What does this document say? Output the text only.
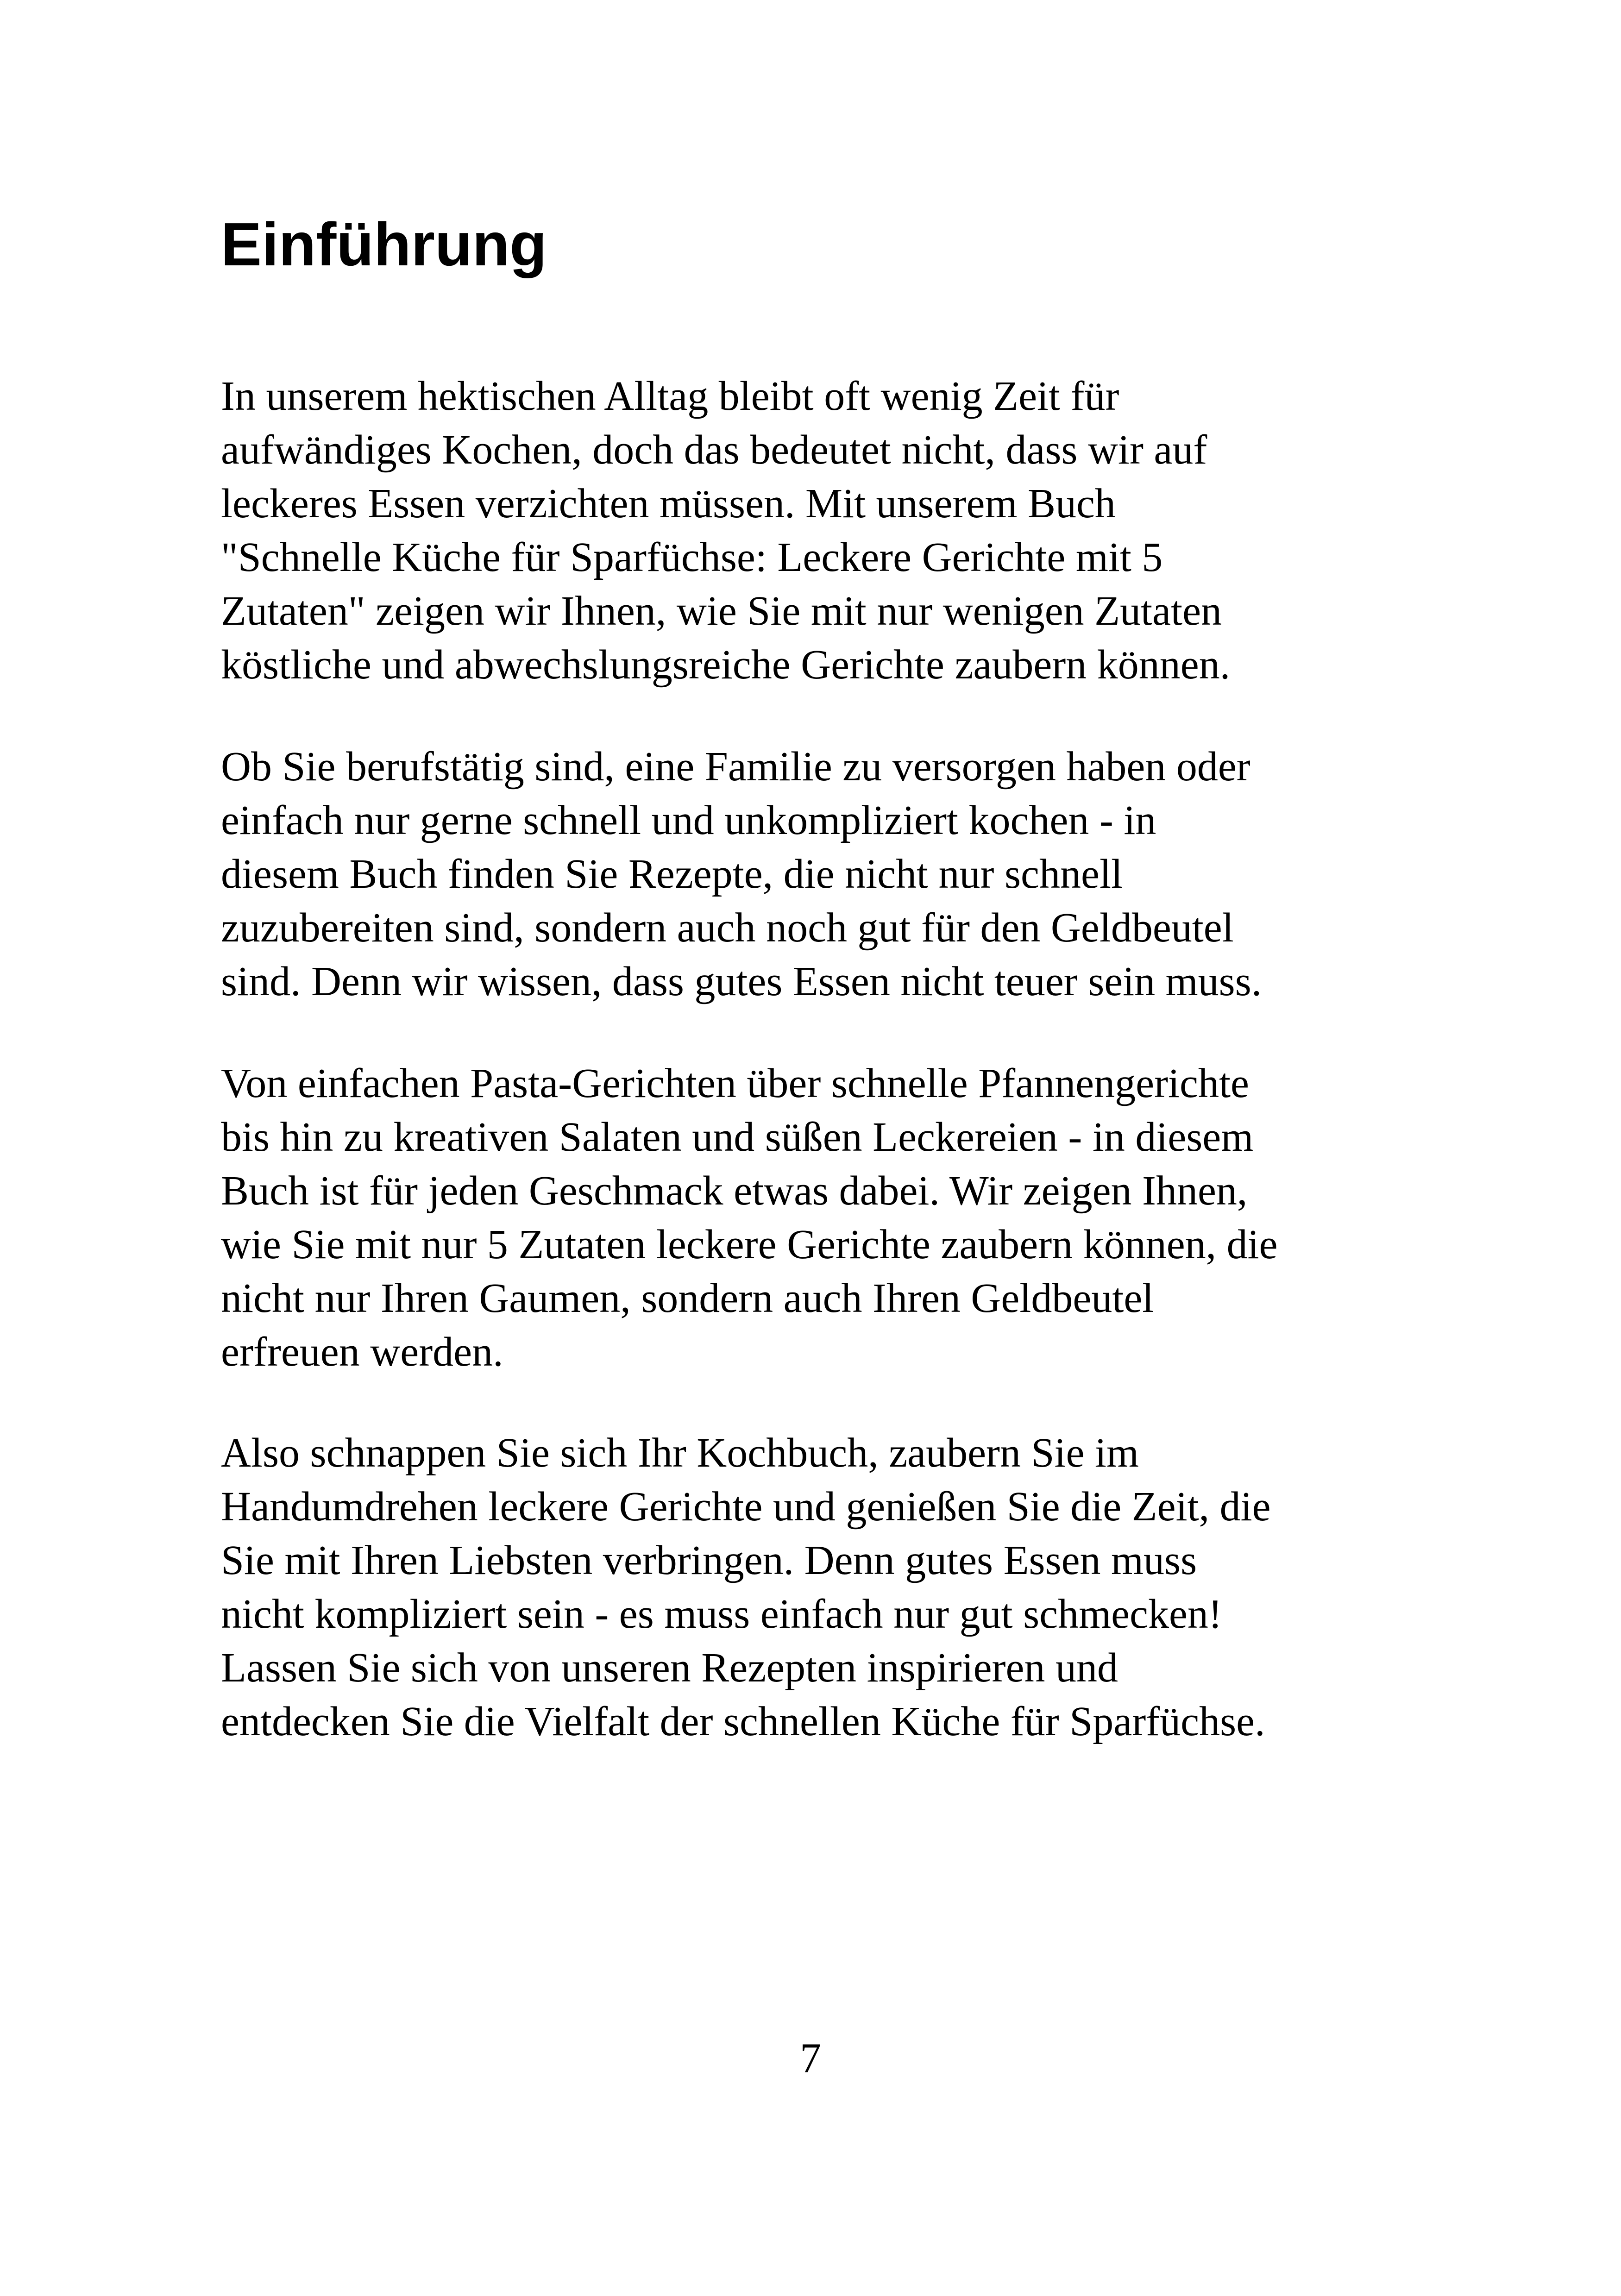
Einführung

In unserem hektischen Alltag bleibt oft wenig Zeit für
aufwändiges Kochen, doch das bedeutet nicht, dass wir auf
leckeres Essen verzichten müssen. Mit unserem Buch
"Schnelle Küche für Sparfüchse: Leckere Gerichte mit 5
Zutaten" zeigen wir Ihnen, wie Sie mit nur wenigen Zutaten
köstliche und abwechslungsreiche Gerichte zaubern können.

Ob Sie berufstätig sind, eine Familie zu versorgen haben oder
einfach nur gerne schnell und unkompliziert kochen - in
diesem Buch finden Sie Rezepte, die nicht nur schnell
zuzubereiten sind, sondern auch noch gut für den Geldbeutel
sind. Denn wir wissen, dass gutes Essen nicht teuer sein muss.

Von einfachen Pasta-Gerichten über schnelle Pfannengerichte
bis hin zu kreativen Salaten und süßen Leckereien - in diesem
Buch ist für jeden Geschmack etwas dabei. Wir zeigen Ihnen,
wie Sie mit nur 5 Zutaten leckere Gerichte zaubern können, die
nicht nur Ihren Gaumen, sondern auch Ihren Geldbeutel
erfreuen werden.

Also schnappen Sie sich Ihr Kochbuch, zaubern Sie im
Handumdrehen leckere Gerichte und genießen Sie die Zeit, die
Sie mit Ihren Liebsten verbringen. Denn gutes Essen muss
nicht kompliziert sein - es muss einfach nur gut schmecken!
Lassen Sie sich von unseren Rezepten inspirieren und
entdecken Sie die Vielfalt der schnellen Küche für Sparfüchse.

7
